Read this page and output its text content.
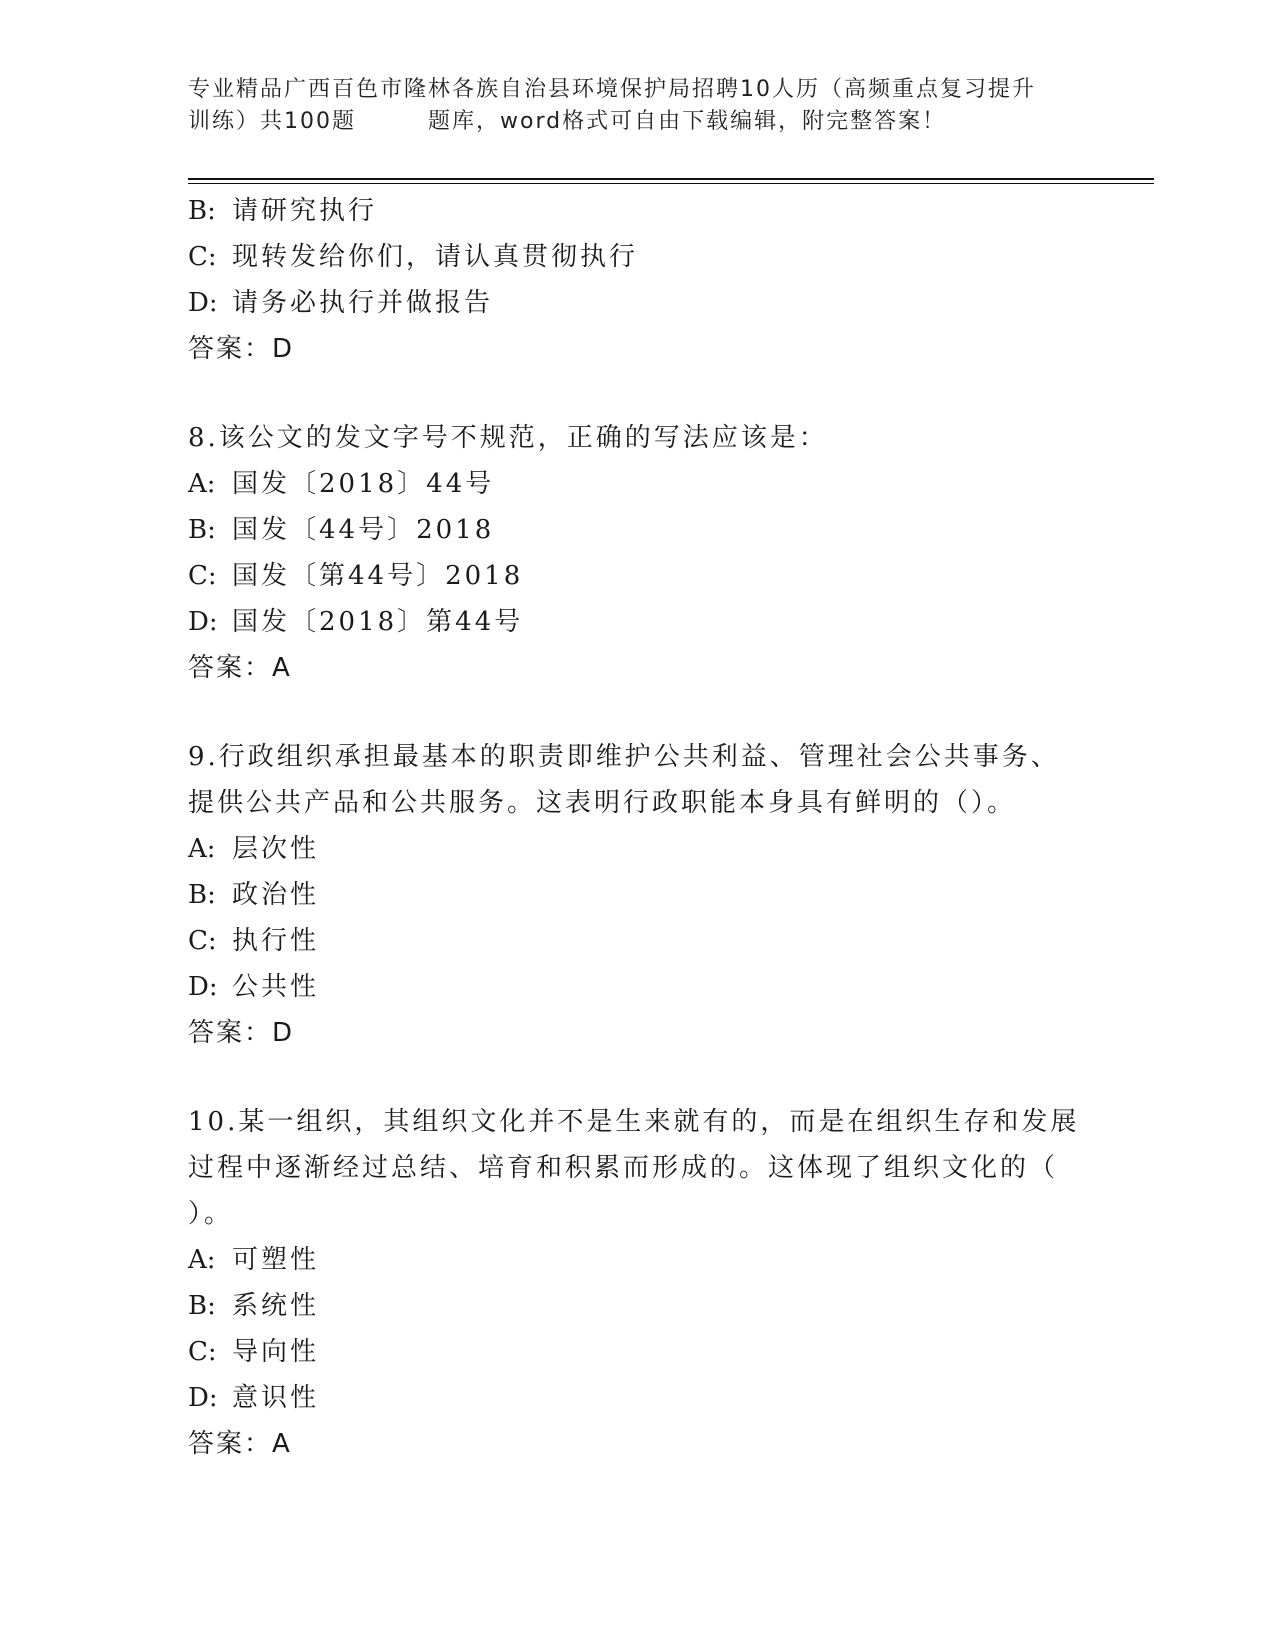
专业精品广西百色市隆林各族自治县环境保护局招聘10人历（高频重点复习提升
训练）共100题	题库，word格式可自由下载编辑，附完整答案！
B: 请研究执行
C: 现转发给你们，请认真贯彻执行
D: 请务必执行并做报告
答案：D
8.该公文的发文字号不规范，正确的写法应该是：
A: 国发〔2018〕44号
B: 国发〔44号〕2018
C: 国发〔第44号〕2018
D: 国发〔2018〕第44号
答案：A
9.行政组织承担最基本的职责即维护公共利益、管理社会公共事务、
提供公共产品和公共服务。这表明行政职能本身具有鲜明的（）。
A: 层次性
B: 政治性
C: 执行性
D: 公共性
答案：D
10.某一组织，其组织文化并不是生来就有的，而是在组织生存和发展
过程中逐渐经过总结、培育和积累而形成的。这体现了组织文化的（
）。
A: 可塑性
B: 系统性
C: 导向性
D: 意识性
答案：A
